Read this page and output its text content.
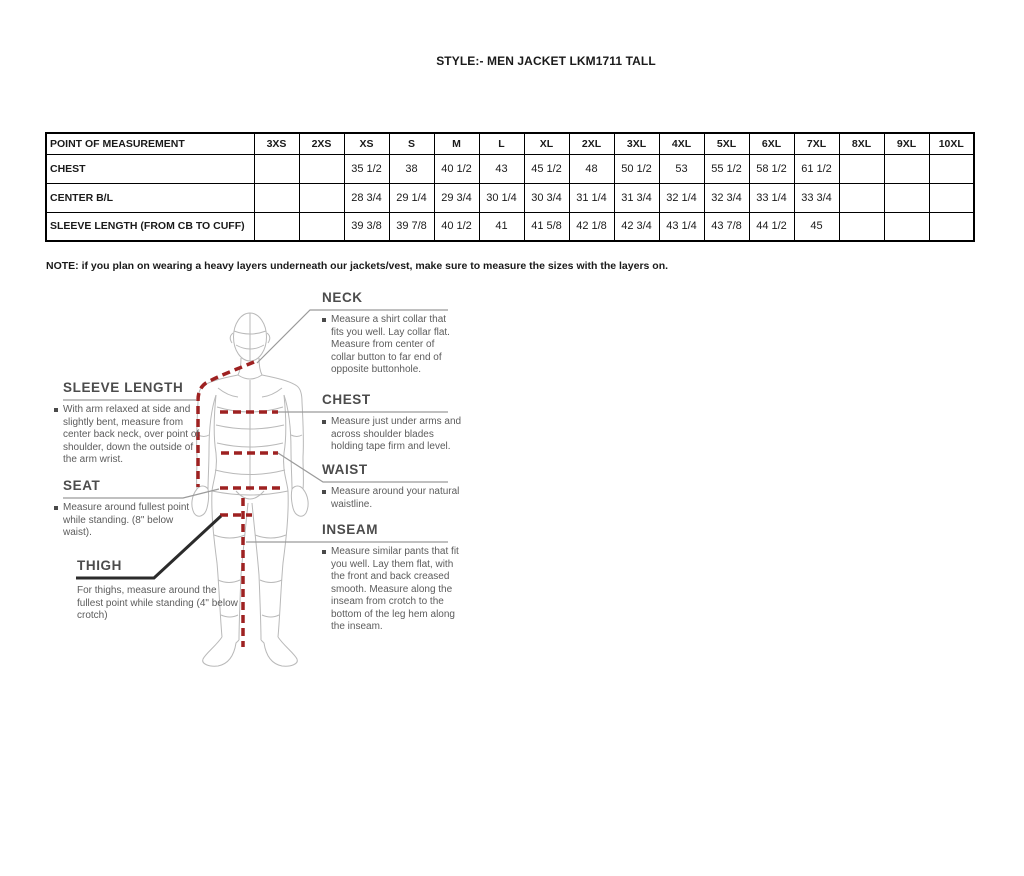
STYLE:- MEN JACKET LKM1711 TALL
POINT OF MEASUREMENT	3XS	2XS	XS	S	M	L	XL	2XL	3XL	4XL	5XL	6XL	7XL	8XL	9XL	10XL
CHEST			35 1/2	38	40 1/2	43	45 1/2	48	50 1/2	53	55 1/2	58 1/2	61 1/2			
CENTER B/L			28 3/4	29 1/4	29 3/4	30 1/4	30 3/4	31 1/4	31 3/4	32 1/4	32 3/4	33 1/4	33 3/4			
SLEEVE LENGTH (FROM CB TO CUFF)			39 3/8	39 7/8	40 1/2	41	41 5/8	42 1/8	42 3/4	43 1/4	43 7/8	44 1/2	45			
NOTE: if you plan on wearing a heavy layers underneath our jackets/vest, make sure to measure the sizes with the layers on.
NECK
Measure a shirt collar that fits you well. Lay collar flat. Measure from center of collar button to far end of opposite buttonhole.
SLEEVE LENGTH
With arm relaxed at side and slightly bent, measure from center back neck, over point of shoulder, down the outside of the arm wrist.
CHEST
Measure just under arms and across shoulder blades holding tape firm and level.
WAIST
Measure around your natural waistline.
SEAT
Measure around fullest point while standing. (8" below waist).	INSEAM
Measure similar pants that fit you well. Lay them flat, with the front and back creased smooth. Measure along the inseam from crotch to the bottom of the leg hem along the inseam.
THIGH
For thighs, measure around the fullest point while standing (4" below crotch)
